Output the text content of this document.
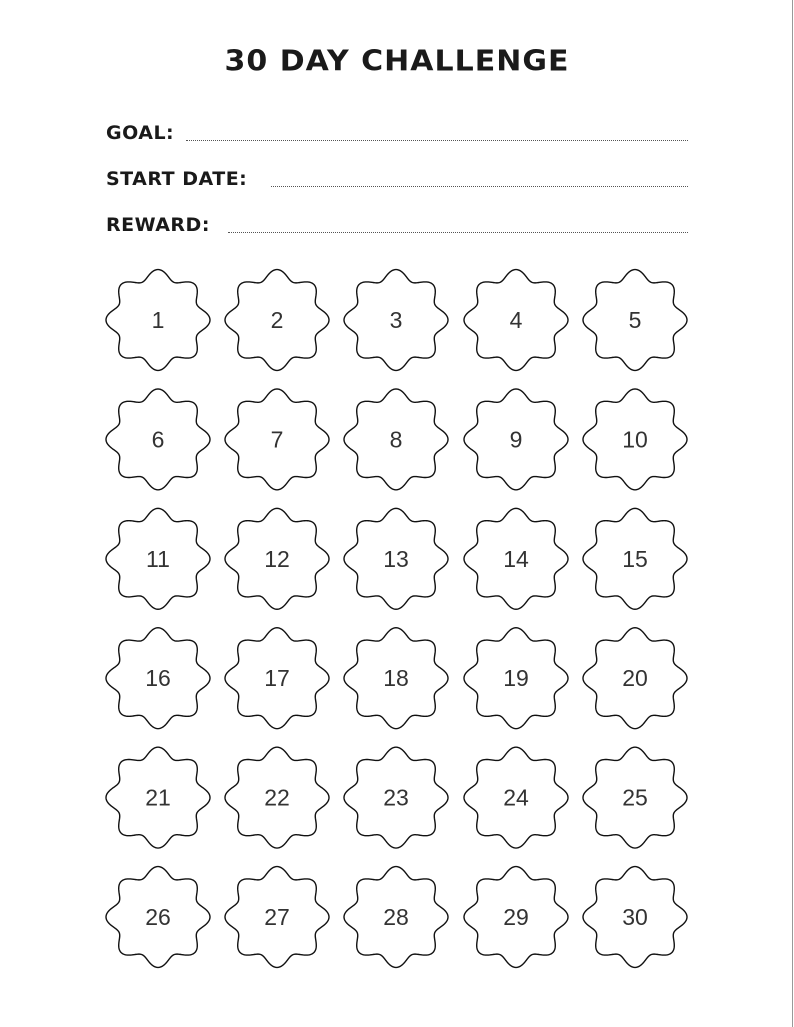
30 DAY CHALLENGE
GOAL:
START DATE:
REWARD:
1	2	3	4	5
6	7	8	9	10
11	12	13	14	15
16	17	18	19	20
21	22	23	24	25
26	27	28	29	30
